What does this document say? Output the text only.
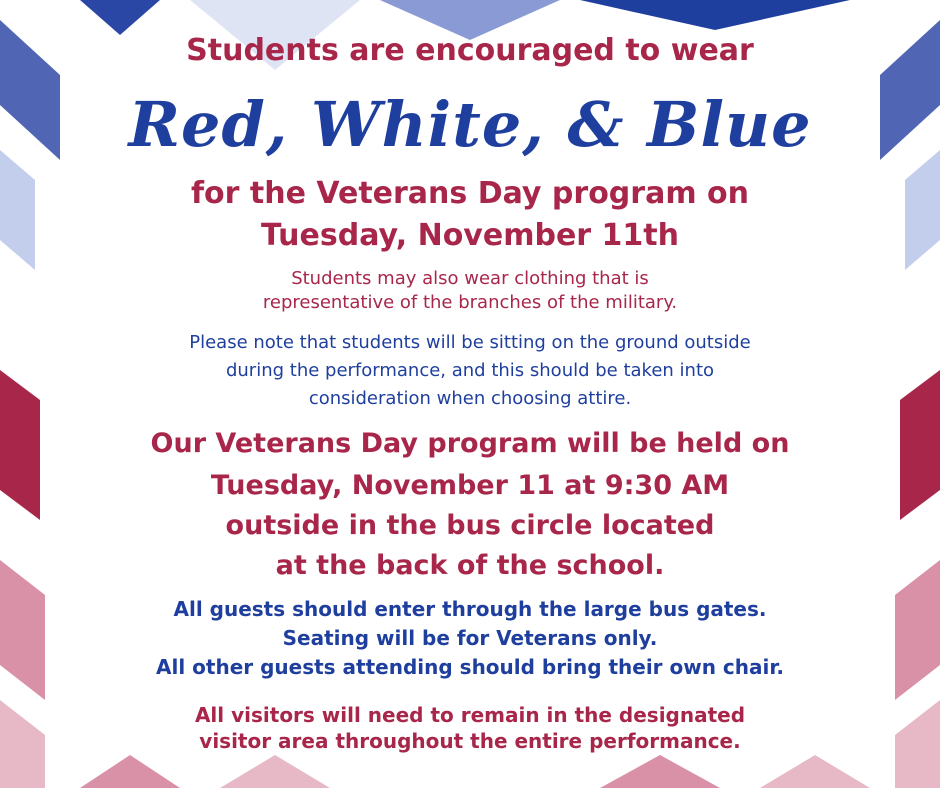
Students are encouraged to wear

Red, White, & Blue

for the Veterans Day program on

Tuesday, November 11th

Students may also wear clothing that is

representative of the branches of the military.

Please note that students will be sitting on the ground outside

during the performance, and this should be taken into

consideration when choosing attire.

Our Veterans Day program will be held on

Tuesday, November 11 at 9:30 AM

outside in the bus circle located

at the back of the school.

All guests should enter through the large bus gates.

Seating will be for Veterans only.

All other guests attending should bring their own chair.

All visitors will need to remain in the designated

visitor area throughout the entire performance.
